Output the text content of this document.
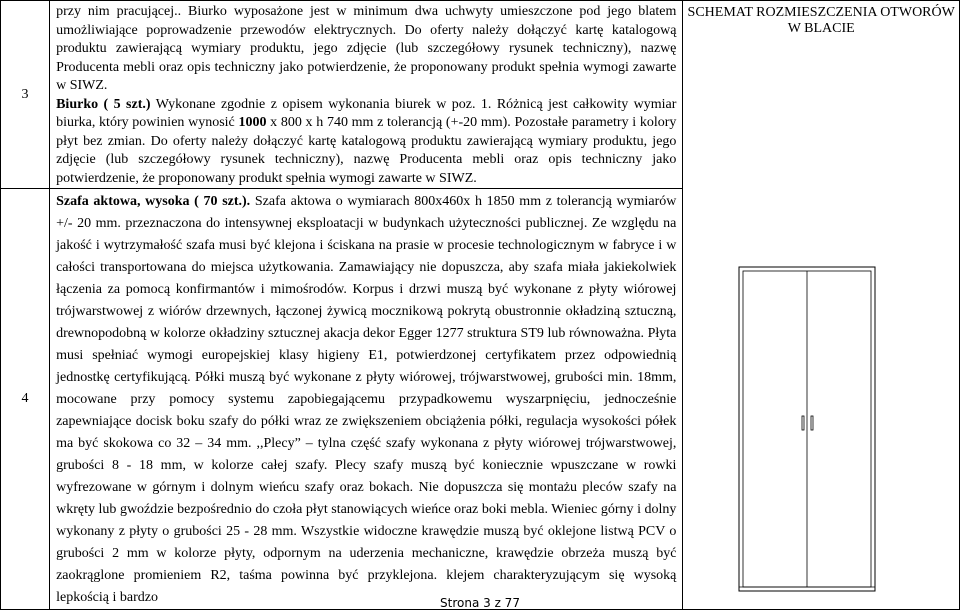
3	przy nim pracującej.. Biurko wyposażone jest w minimum dwa uchwyty umieszczone pod jego blatem umożliwiające poprowadzenie przewodów elektrycznych. Do oferty należy dołączyć kartę katalogową produktu zawierającą wymiary produktu, jego zdjęcie (lub szczegółowy rysunek techniczny), nazwę Producenta mebli oraz opis techniczny jako potwierdzenie, że proponowany produkt spełnia wymogi zawarte w SIWZ.

Biurko ( 5 szt.) Wykonane zgodnie z opisem wykonania biurek w poz. 1. Różnicą jest całkowity wymiar biurka, który powinien wynosić 1000 x 800 x h 740 mm z tolerancją (+-20 mm). Pozostałe parametry i kolory płyt bez zmian. Do oferty należy dołączyć kartę katalogową produktu zawierającą wymiary produktu, jego zdjęcie (lub szczegółowy rysunek techniczny), nazwę Producenta mebli oraz opis techniczny jako potwierdzenie, że proponowany produkt spełnia wymogi zawarte w SIWZ.	SCHEMAT ROZMIESZCZENIA OTWORÓW W BLACIE

4	Szafa aktowa, wysoka ( 70 szt.). Szafa aktowa o wymiarach 800x460x h 1850 mm z tolerancją wymiarów +/- 20 mm. przeznaczona do intensywnej eksploatacji w budynkach użyteczności publicznej. Ze względu na jakość i wytrzymałość szafa musi być klejona i ściskana na prasie w procesie technologicznym w fabryce i w całości transportowana do miejsca użytkowania. Zamawiający nie dopuszcza, aby szafa miała jakiekolwiek łączenia za pomocą konfirmantów i mimośrodów. Korpus i drzwi muszą być wykonane z płyty wiórowej trójwarstwowej z wiórów drzewnych, łączonej żywicą mocznikową pokrytą obustronnie okładziną sztuczną, drewnopodobną w kolorze okładziny sztucznej akacja dekor Egger 1277 struktura ST9 lub równoważna. Płyta musi spełniać wymogi europejskiej klasy higieny E1, potwierdzonej certyfikatem przez odpowiednią jednostkę certyfikującą. Półki muszą być wykonane z płyty wiórowej, trójwarstwowej, grubości min. 18mm, mocowane przy pomocy systemu zapobiegającemu przypadkowemu wyszarpnięciu, jednocześnie zapewniające docisk boku szafy do półki wraz ze zwiększeniem obciążenia półki, regulacja wysokości półek ma być skokowa co 32 – 34 mm. ,,Plecy” – tylna część szafy wykonana z płyty wiórowej trójwarstwowej, grubości 8 - 18 mm, w kolorze całej szafy. Plecy szafy muszą być koniecznie wpuszczane w rowki wyfrezowane w górnym i dolnym wieńcu szafy oraz bokach. Nie dopuszcza się montażu pleców szafy na wkręty lub gwoździe bezpośrednio do czoła płyt stanowiących wieńce oraz boki mebla. Wieniec górny i dolny wykonany z płyty o grubości 25 - 28 mm. Wszystkie widoczne krawędzie muszą być oklejone listwą PCV o grubości 2 mm w kolorze płyty, odpornym na uderzenia mechaniczne, krawędzie obrzeża muszą być zaokrąglone promieniem R2, taśma powinna być przyklejona. klejem charakteryzującym się wysoką lepkością i bardzo		Strona 3 z 77
